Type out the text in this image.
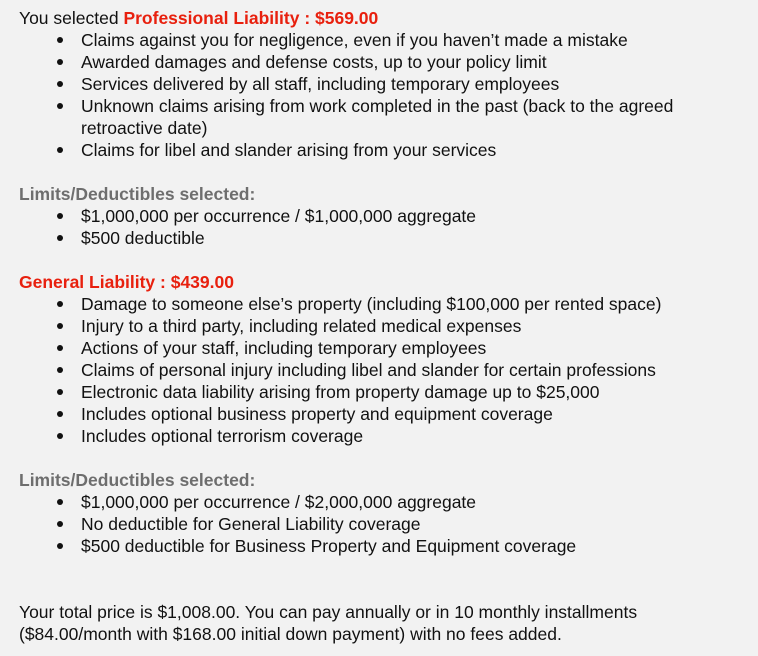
You selected Professional Liability : $569.00

Claims against you for negligence, even if you haven’t made a mistake
Awarded damages and defense costs, up to your policy limit
Services delivered by all staff, including temporary employees
Unknown claims arising from work completed in the past (back to the agreed retroactive date)
Claims for libel and slander arising from your services

Limits/Deductibles selected:

$1,000,000 per occurrence / $1,000,000 aggregate
$500 deductible

General Liability : $439.00

Damage to someone else’s property (including $100,000 per rented space)
Injury to a third party, including related medical expenses
Actions of your staff, including temporary employees
Claims of personal injury including libel and slander for certain professions
Electronic data liability arising from property damage up to $25,000
Includes optional business property and equipment coverage
Includes optional terrorism coverage

Limits/Deductibles selected:

$1,000,000 per occurrence / $2,000,000 aggregate
No deductible for General Liability coverage
$500 deductible for Business Property and Equipment coverage

Your total price is $1,008.00. You can pay annually or in 10 monthly installments ($84.00/month with $168.00 initial down payment) with no fees added.
